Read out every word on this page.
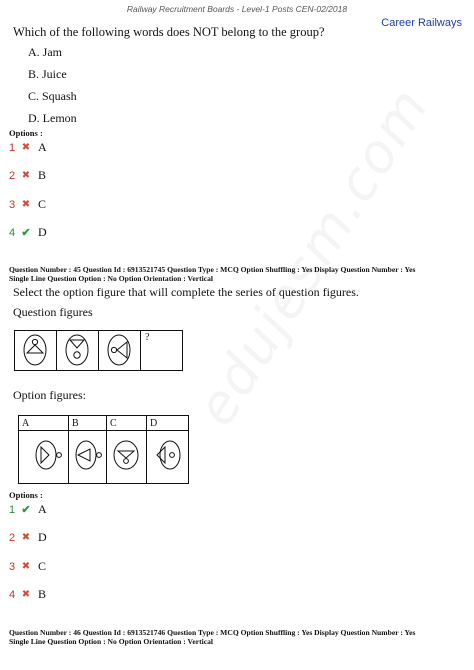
Railway Recruitment Boards - Level-1 Posts CEN-02/2018
Career Railways
Which of the following words does NOT belong to the group?
A. Jam
B. Juice
C. Squash
D. Lemon
Options :
1 ✖ A
2 ✖ B
3 ✖ C
4 ✔ D
Question Number : 45 Question Id : 6913521745 Question Type : MCQ Option Shuffling : Yes Display Question Number : Yes
Single Line Question Option : No Option Orientation : Vertical
Select the option figure that will complete the series of question figures.
Question figures
?
Option figures:
A	B	C	D
Options :
1 ✔ A
2 ✖ D
3 ✖ C
4 ✖ B
Question Number : 46 Question Id : 6913521746 Question Type : MCQ Option Shuffling : Yes Display Question Number : Yes
Single Line Question Option : No Option Orientation : Vertical
